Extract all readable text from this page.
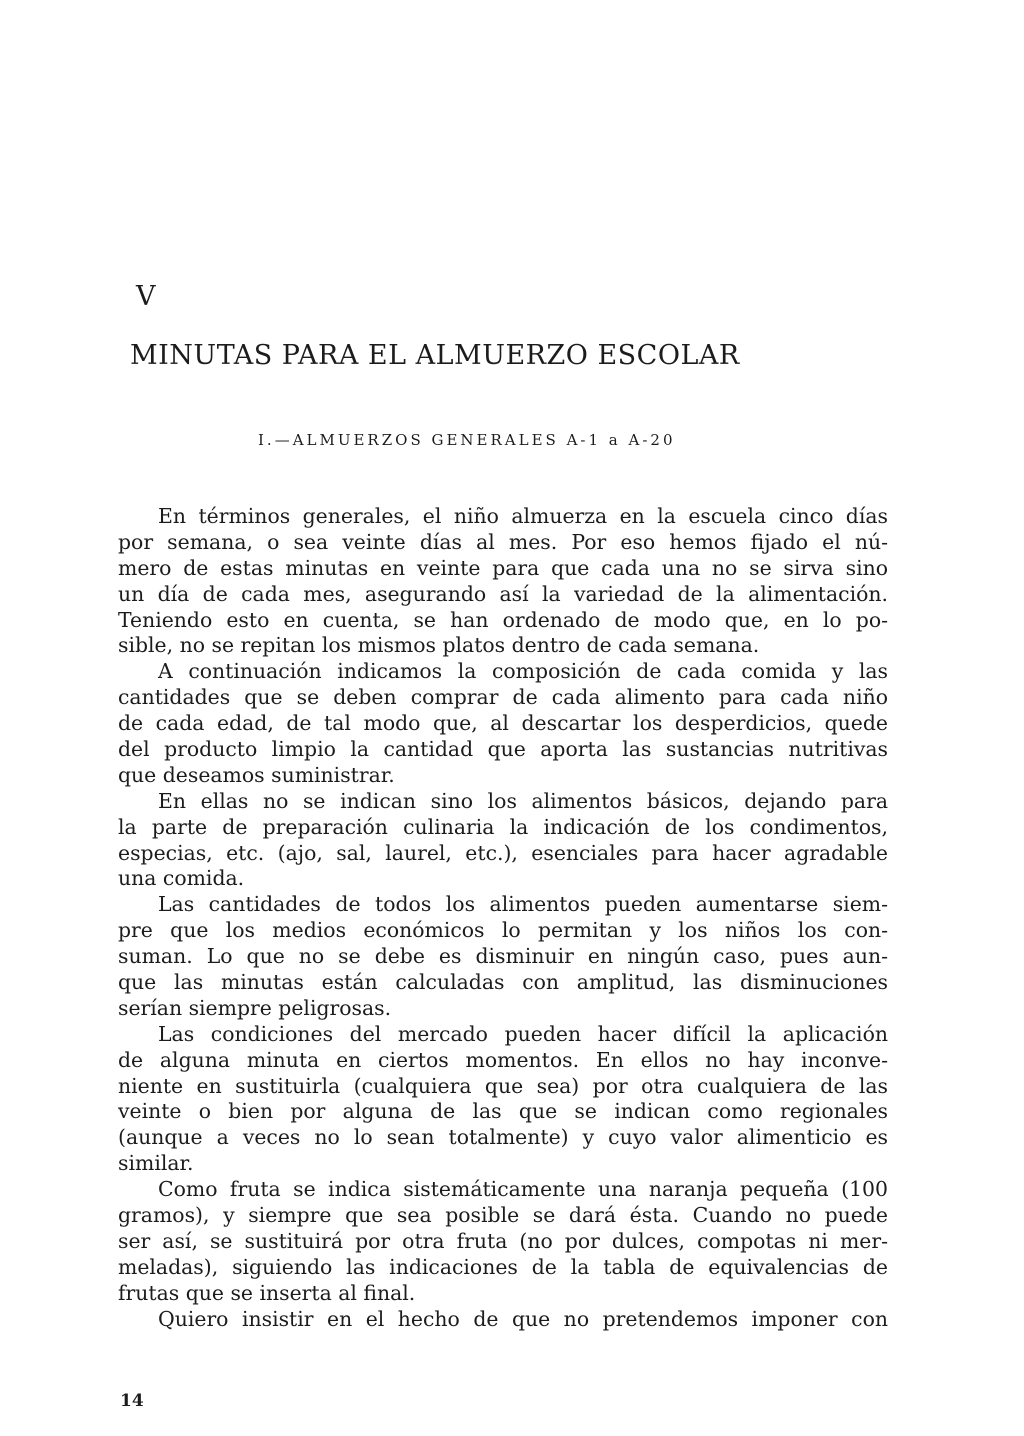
V
MINUTAS PARA EL ALMUERZO ESCOLAR
I.—ALMUERZOS GENERALES A-1 a A-20
En términos generales, el niño almuerza en la escuela cinco días
por semana, o sea veinte días al mes. Por eso hemos fijado el nú-
mero de estas minutas en veinte para que cada una no se sirva sino
un día de cada mes, asegurando así la variedad de la alimentación.
Teniendo esto en cuenta, se han ordenado de modo que, en lo po-
sible, no se repitan los mismos platos dentro de cada semana.
A continuación indicamos la composición de cada comida y las
cantidades que se deben comprar de cada alimento para cada niño
de cada edad, de tal modo que, al descartar los desperdicios, quede
del producto limpio la cantidad que aporta las sustancias nutritivas
que deseamos suministrar.
En ellas no se indican sino los alimentos básicos, dejando para
la parte de preparación culinaria la indicación de los condimentos,
especias, etc. (ajo, sal, laurel, etc.), esenciales para hacer agradable
una comida.
Las cantidades de todos los alimentos pueden aumentarse siem-
pre que los medios económicos lo permitan y los niños los con-
suman. Lo que no se debe es disminuir en ningún caso, pues aun-
que las minutas están calculadas con amplitud, las disminuciones
serían siempre peligrosas.
Las condiciones del mercado pueden hacer difícil la aplicación
de alguna minuta en ciertos momentos. En ellos no hay inconve-
niente en sustituirla (cualquiera que sea) por otra cualquiera de las
veinte o bien por alguna de las que se indican como regionales
(aunque a veces no lo sean totalmente) y cuyo valor alimenticio es
similar.
Como fruta se indica sistemáticamente una naranja pequeña (100
gramos), y siempre que sea posible se dará ésta. Cuando no puede
ser así, se sustituirá por otra fruta (no por dulces, compotas ni mer-
meladas), siguiendo las indicaciones de la tabla de equivalencias de
frutas que se inserta al final.
Quiero insistir en el hecho de que no pretendemos imponer con
14
